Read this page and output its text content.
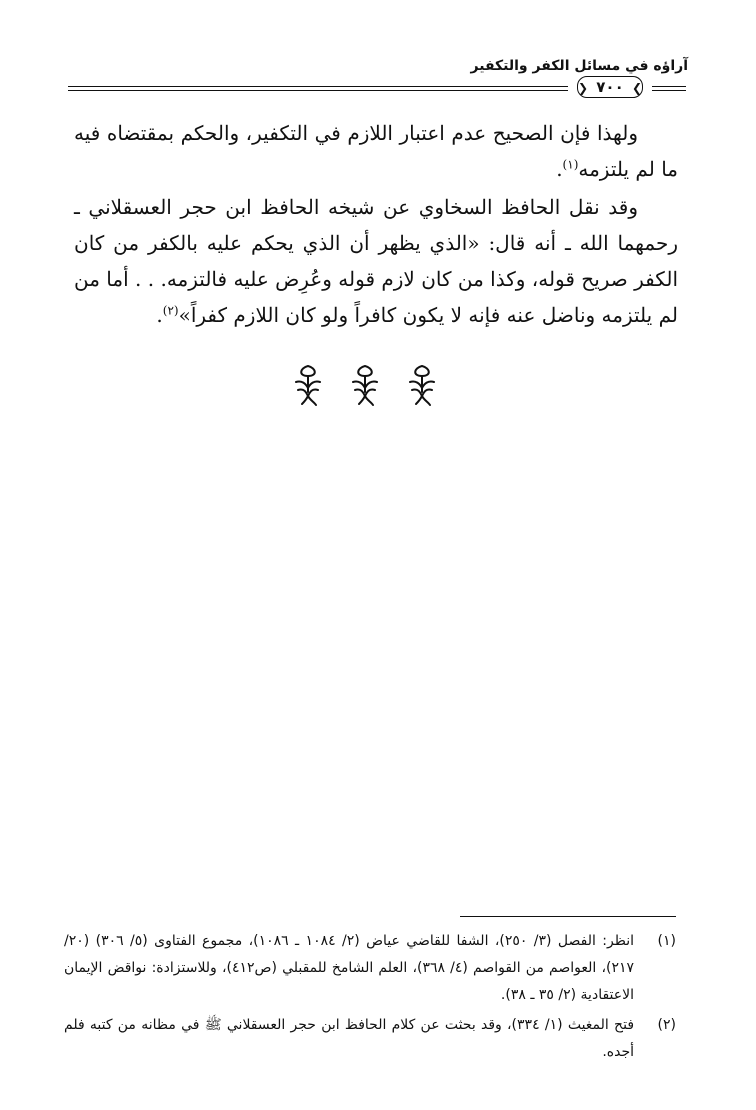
آراؤه في مسائل الكفر والتكفير
❮ ٧٠٠ ❯

ولهذا فإن الصحيح عدم اعتبار اللازم في التكفير، والحكم بمقتضاه فيه ما لم يلتزمه$^{(١)}$.

وقد نقل الحافظ السخاوي عن شيخه الحافظ ابن حجر العسقلاني ـ رحمهما الله ـ أنه قال: «الذي يظهر أن الذي يحكم عليه بالكفر من كان الكفر صريح قوله، وكذا من كان لازم قوله وعُرِض عليه فالتزمه. . . أما من لم يلتزمه وناضل عنه فإنه لا يكون كافراً ولو كان اللازم كفراً»$^{(٢)}$.

(١)
انظر: الفصل (٣/ ٢٥٠)، الشفا للقاضي عياض (٢/ ١٠٨٤ ـ ١٠٨٦)، مجموع الفتاوى (٥/ ٣٠٦) (٢٠/ ٢١٧)، العواصم من القواصم (٤/ ٣٦٨)، العلم الشامخ للمقبلي (ص٤١٢)، وللاستزادة: نواقض الإيمان الاعتقادية (٢/ ٣٥ ـ ٣٨).
(٢)
فتح المغيث (١/ ٣٣٤)، وقد بحثت عن كلام الحافظ ابن حجر العسقلاني ﷺ في مظانه من كتبه فلم أجده.
